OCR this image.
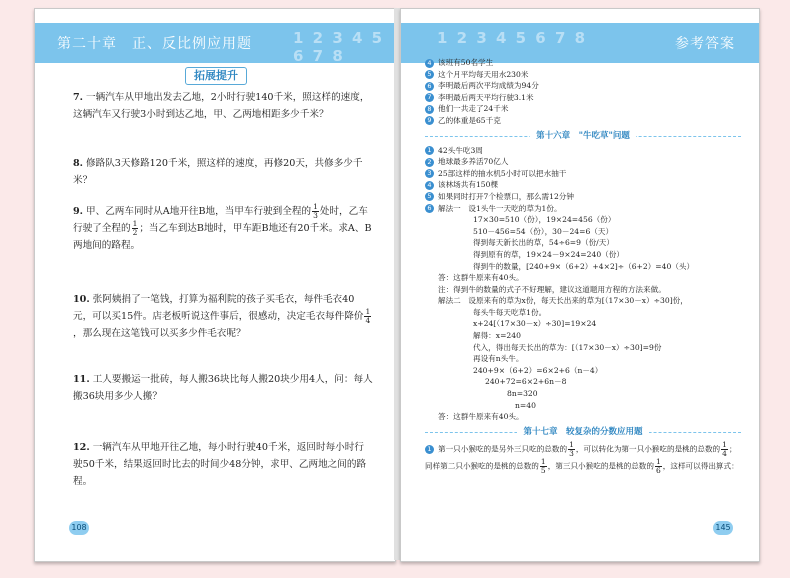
第二十章　正、反比例应用题	1 2 3 4 5 6 7 8
拓展提升
7. 一辆汽车从甲地出发去乙地，2小时行驶140千米，照这样的速度，这辆汽车又行驶3小时到达乙地，甲、乙两地相距多少千米？
8. 修路队3天修路120千米，照这样的速度，再修20天，共修多少千米？
9. 甲、乙两车同时从A地开往B地，当甲车行驶到全程的 $\frac{1}{3}$ 处时，乙车行驶了全程的 $\frac{1}{2}$ ；当乙车到达B地时，甲车距B地还有20千米。求A、B两地间的路程。
10. 张阿姨捐了一笔钱，打算为福利院的孩子买毛衣，每件毛衣40元，可以买15件。店老板听说这件事后，很感动，决定毛衣每件降价 $\frac{1}{4}$
，那么现在这笔钱可以买多少件毛衣呢？
11. 工人要搬运一批砖，每人搬36块比每人搬20块少用4人，问：每人搬36块用多少人搬？
12. 一辆汽车从甲地开往乙地，每小时行驶40千米，返回时每小时行驶50千米，结果返回时比去的时间少48分钟，求甲、乙两地之间的路程。
108
1 2 3 4 5 6 7 8	参考答案
4 该班有50名学生
5 这个月平均每天用水230米
6 李明最后两次平均成绩为94分
7 李明最后两天平均行驶3.1米
8 他们一共走了24千米
9 乙的体重是65千克
第十六章　"牛吃草"问题
1 42头牛吃3周
2 地球最多养活70亿人
3 25部这样的抽水机5小时可以把水抽干
4 该林场共有150棵
5 如果同时打开7个检票口，那么需12分钟
6 解法一　设1头牛一天吃的草为1份。
17×30=510（份），19×24=456（份）
510－456=54（份），30－24=6（天）
得到每天新长出的草，54÷6=9（份/天）
得到原有的草，19×24－9×24=240（份）
得到牛的数量，[240+9×（6+2）+4×2]÷（6+2）=40（头）
答：这群牛原来有40头。
注：得到牛的数量的式子不好理解，建议这道题用方程的方法来做。
解法二　设原来有的草为x份，每天长出来的草为[（17×30－x）÷30]份，
每头牛每天吃草1份。
x+24[（17×30－x）÷30]=19×24
解得：x=240
代入，得出每天长出的草为：[（17×30－x）÷30]=9份
再设有n头牛。
240+9×（6+2）=6×2+6（n－4）
240+72=6×2+6n－8
8n=320
n=40
答：这群牛原来有40头。
第十七章　较复杂的分数应用题
1 第一只小猴吃的是另外三只吃的总数的 $\frac{1}{3}$ ，可以转化为第一只小猴吃的是桃的总数的 $\frac{1}{4}$ ；同样第二只小猴吃的是桃的总数的 $\frac{1}{5}$ ，第三只小猴吃的是桃的总数的 $\frac{1}{6}$ ，这样可以得出算式：
145
